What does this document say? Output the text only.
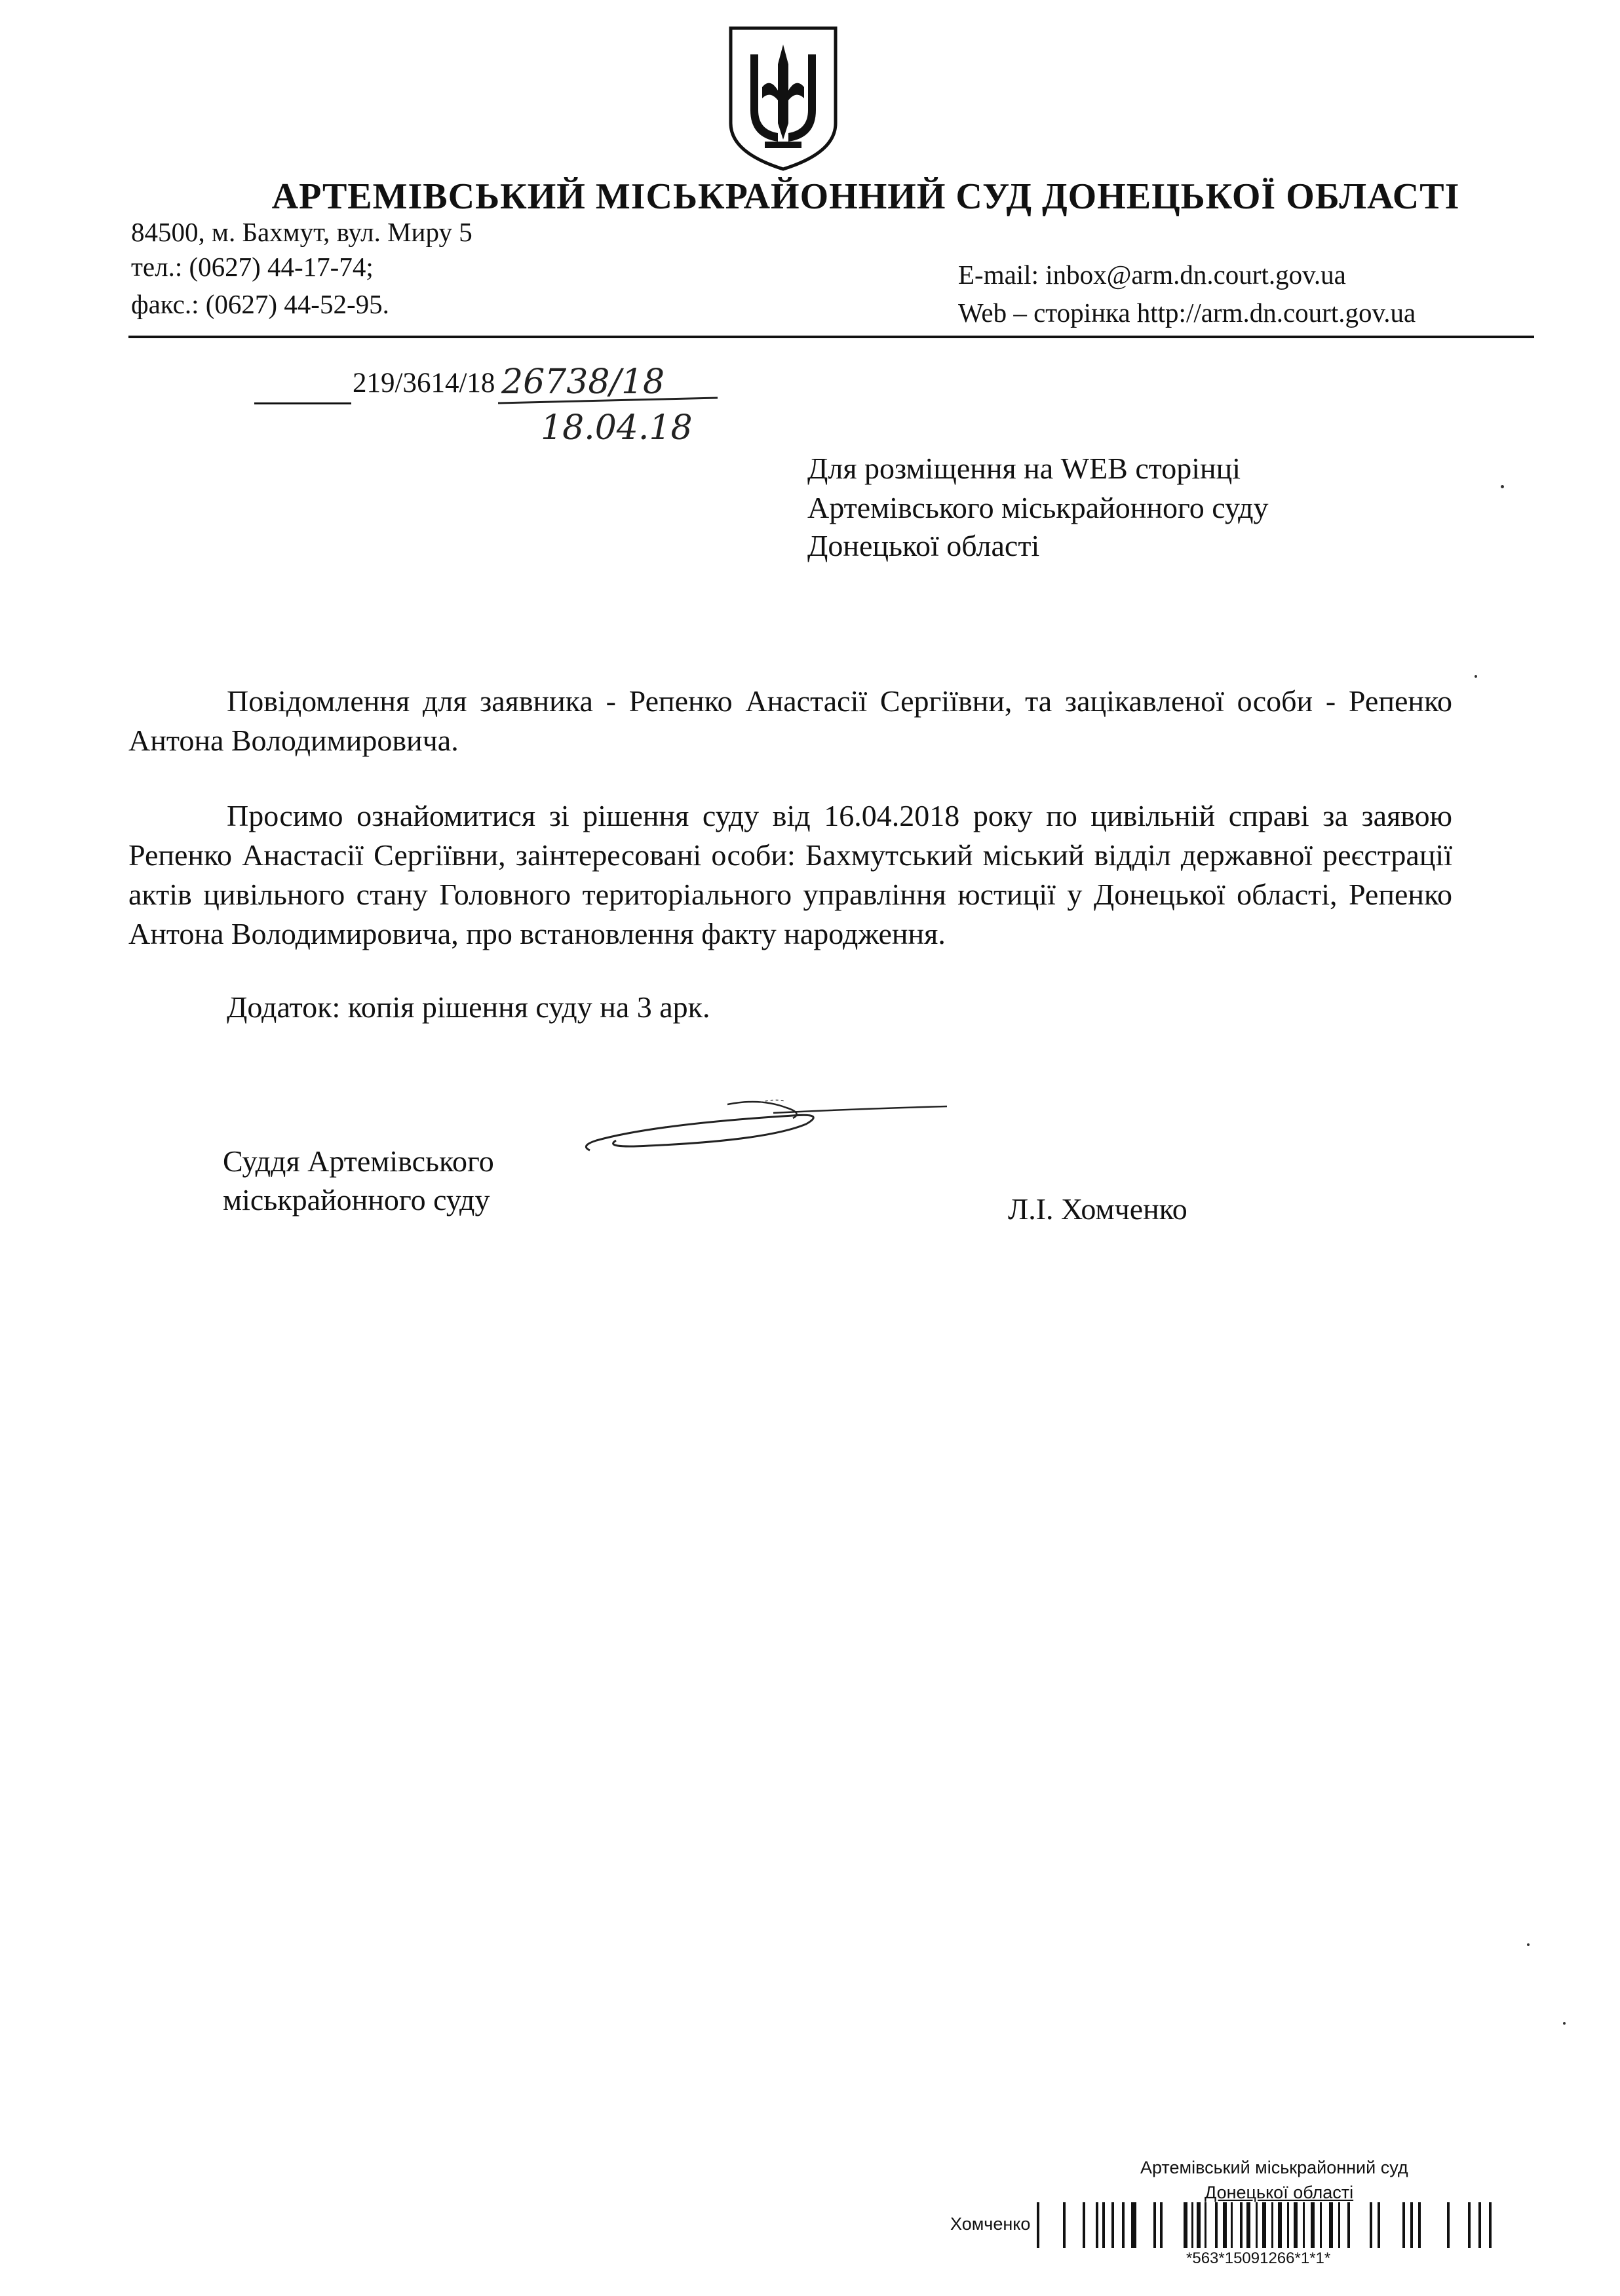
АРТЕМІВСЬКИЙ МІСЬКРАЙОННИЙ СУД ДОНЕЦЬКОЇ ОБЛАСТІ
84500, м. Бахмут, вул. Миру 5
тел.: (0627) 44-17-74;
факс.: (0627) 44-52-95.
E-mail: inbox@arm.dn.court.gov.ua
Web – сторінка http://arm.dn.court.gov.ua
219/3614/18 26738/18
18.04.18
Для розміщення на WEB сторінці
Артемівського міськрайонного суду
Донецької області

Повідомлення для заявника - Репенко Анастасії Сергіївни, та зацікавленої особи - Репенко Антона Володимировича.

Просимо ознайомитися зі рішення суду від 16.04.2018 року по цивільній справі за заявою Репенко Анастасії Сергіївни, заінтересовані особи: Бахмутський міський відділ державної реєстрації актів цивільного стану Головного територіального управління юстиції у Донецької області, Репенко Антона Володимировича, про встановлення факту народження.

Додаток: копія рішення суду на 3 арк.
Суддя Артемівського
міськрайонного суду	Л.І. Хомченко
Артемівський міськрайонний суд
Донецької області
Хомченко
*563*15091266*1*1*
